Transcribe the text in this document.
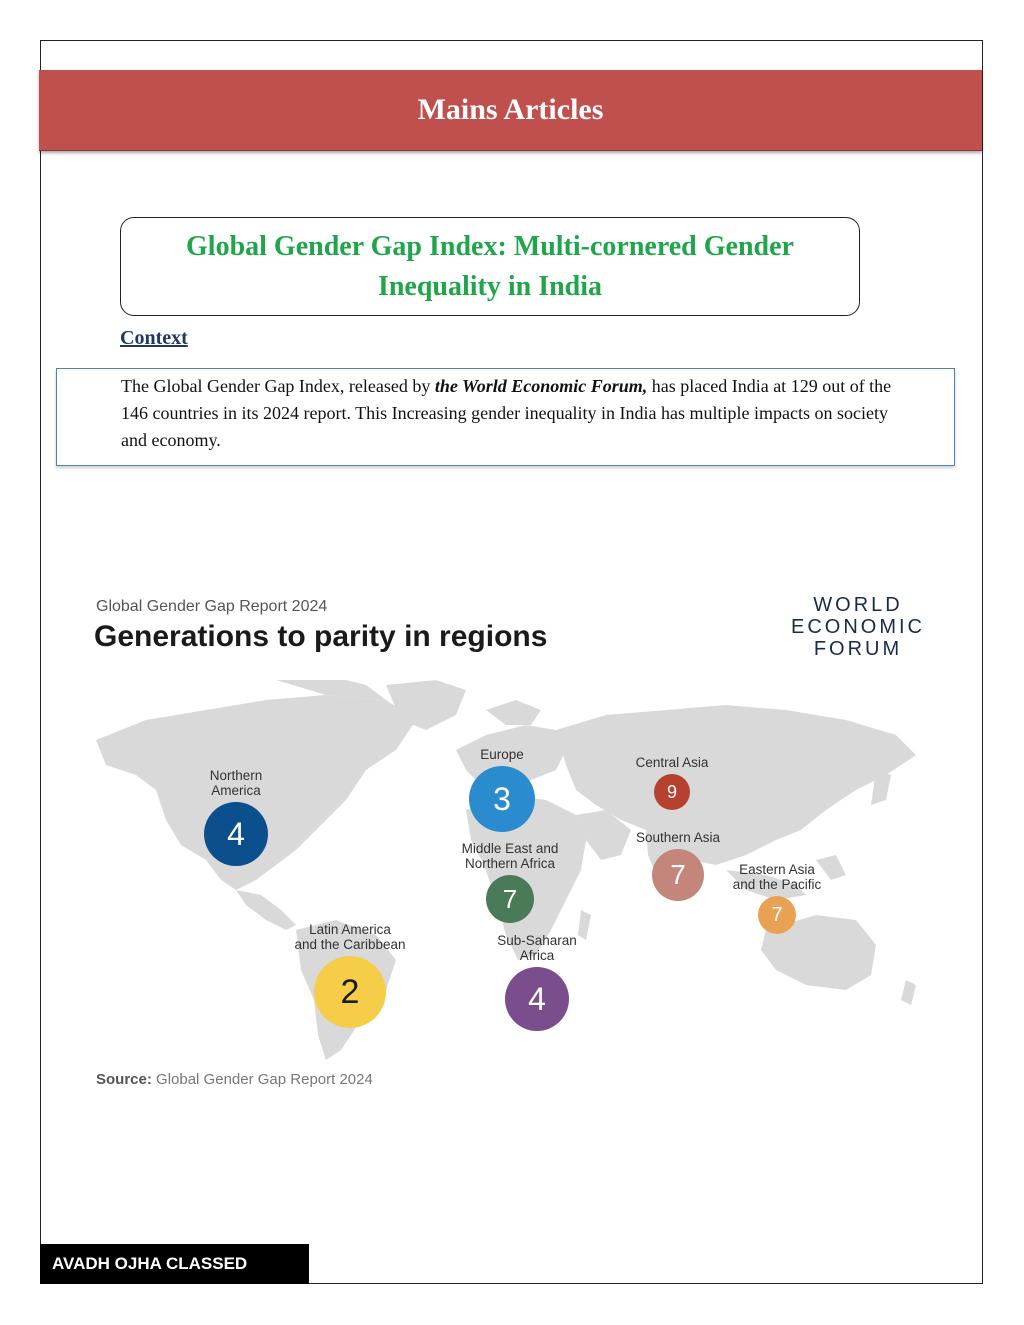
Mains Articles
Global Gender Gap Index: Multi-cornered Gender Inequality in India
Context

The Global Gender Gap Index, released by the World Economic Forum, has placed India at 129 out of the 146 countries in its 2024 report. This Increasing gender inequality in India has multiple impacts on society and economy.

Global Gender Gap Report 2024
Generations to parity in regions
WORLD
ECONOMIC
FORUM
Northern
America
4
Europe
3
Central Asia
9
Middle East and
Northern Africa
7
Southern Asia
7	Eastern Asia
and the Pacific
7
Latin America
and the Caribbean
2
Sub-Saharan
Africa
4
Source: Global Gender Gap Report 2024
AVADH OJHA CLASSED
